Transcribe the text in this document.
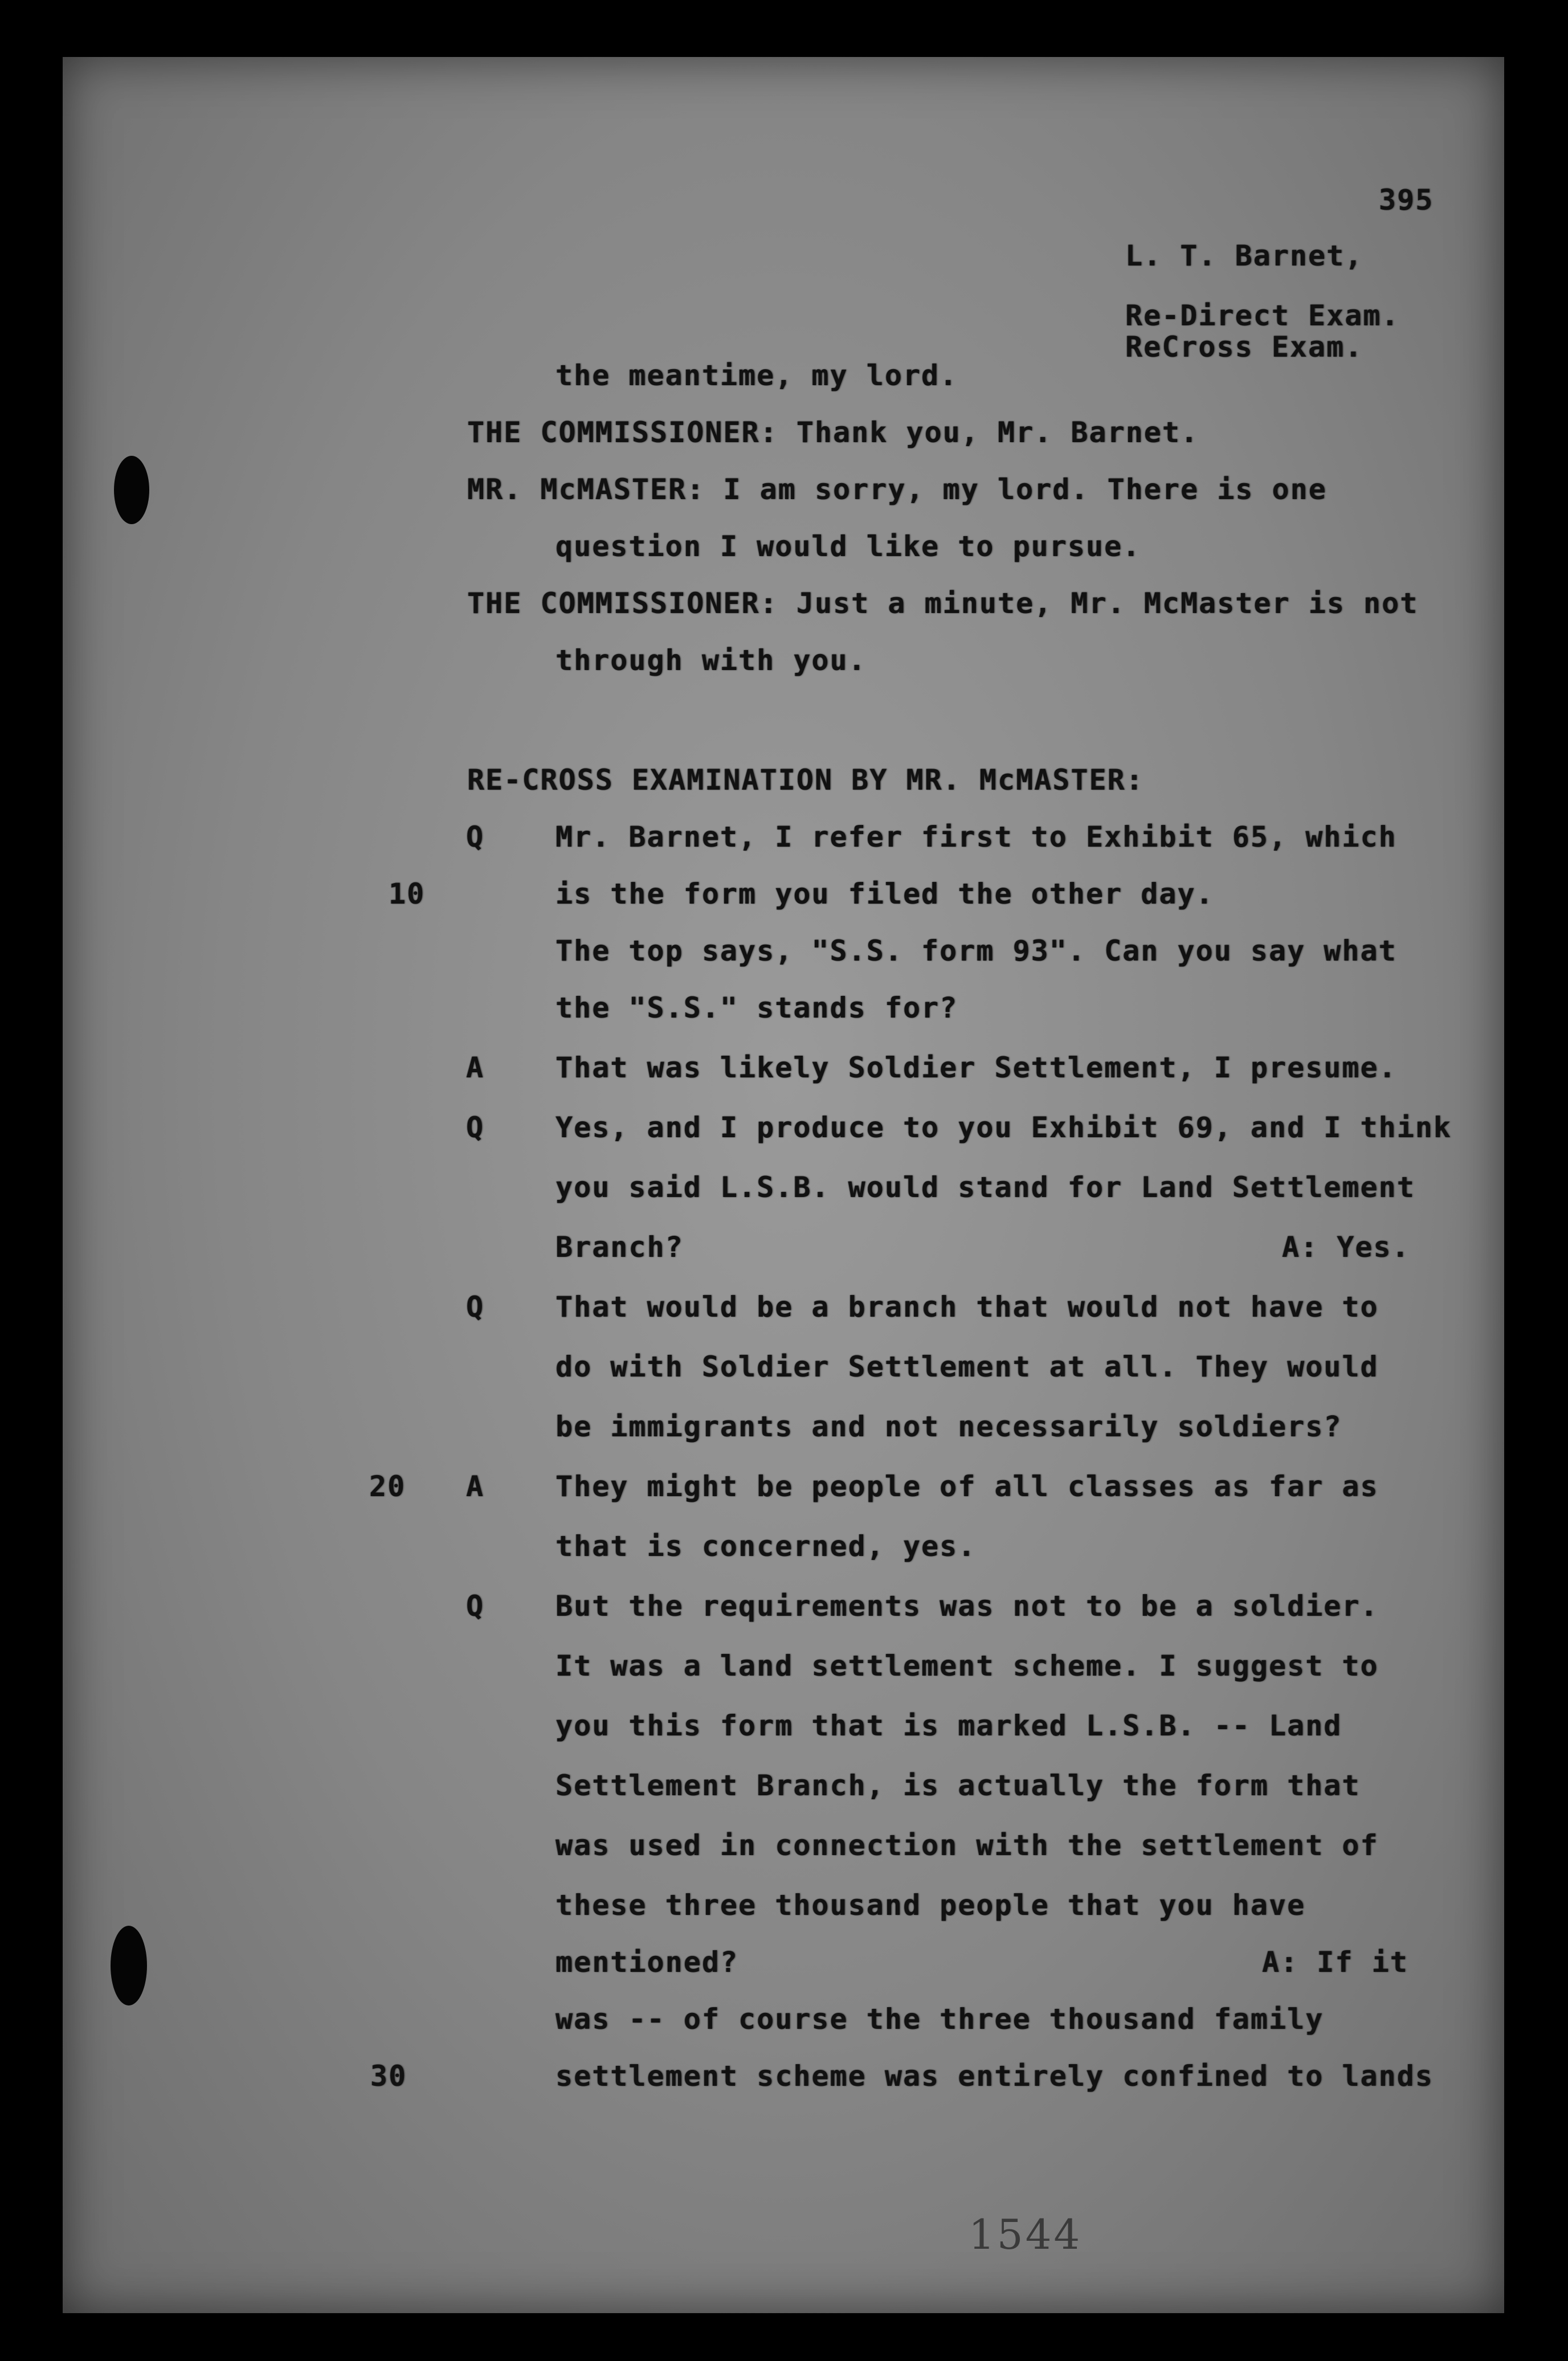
395
L. T. Barnet,
Re-Direct Exam.
ReCross Exam.
the meantime, my lord.
THE COMMISSIONER: Thank you, Mr. Barnet.
MR. McMASTER: I am sorry, my lord. There is one
question I would like to pursue.
THE COMMISSIONER: Just a minute, Mr. McMaster is not
through with you.
RE-CROSS EXAMINATION BY MR. McMASTER:
Q Mr. Barnet, I refer first to Exhibit 65, which
10	is the form you filed the other day.
The top says, "S.S. form 93". Can you say what
the "S.S." stands for?
A That was likely Soldier Settlement, I presume.
Q Yes, and I produce to you Exhibit 69, and I think
you said L.S.B. would stand for Land Settlement
Branch?	A: Yes.
Q That would be a branch that would not have to
do with Soldier Settlement at all. They would
be immigrants and not necessarily soldiers?
20 A They might be people of all classes as far as
that is concerned, yes.
Q But the requirements was not to be a soldier.
It was a land settlement scheme. I suggest to
you this form that is marked L.S.B. -- Land
Settlement Branch, is actually the form that
was used in connection with the settlement of
these three thousand people that you have
mentioned?	A: If it
was -- of course the three thousand family
30	settlement scheme was entirely confined to lands
1544
